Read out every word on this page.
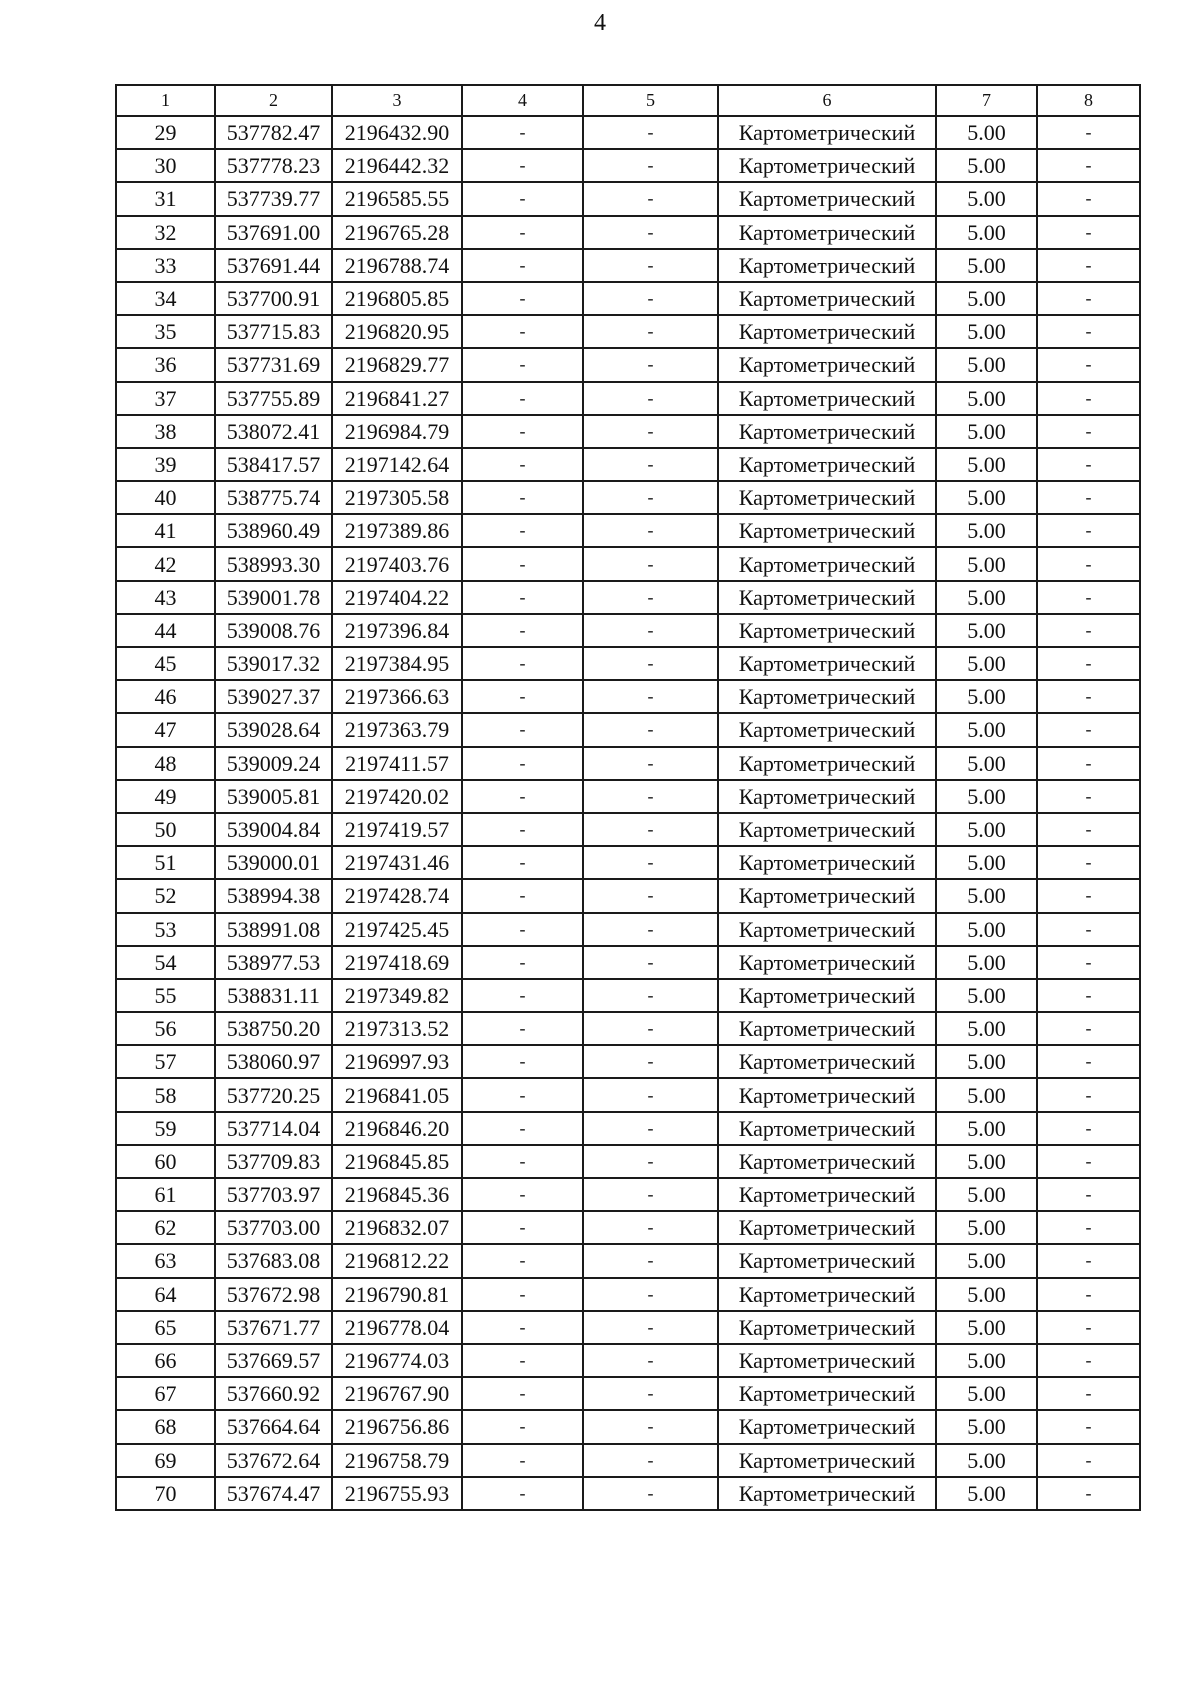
4
1	2	3	4	5	6	7	8
29	537782.47	2196432.90	-	-	Картометрический	5.00	-
30	537778.23	2196442.32	-	-	Картометрический	5.00	-
31	537739.77	2196585.55	-	-	Картометрический	5.00	-
32	537691.00	2196765.28	-	-	Картометрический	5.00	-
33	537691.44	2196788.74	-	-	Картометрический	5.00	-
34	537700.91	2196805.85	-	-	Картометрический	5.00	-
35	537715.83	2196820.95	-	-	Картометрический	5.00	-
36	537731.69	2196829.77	-	-	Картометрический	5.00	-
37	537755.89	2196841.27	-	-	Картометрический	5.00	-
38	538072.41	2196984.79	-	-	Картометрический	5.00	-
39	538417.57	2197142.64	-	-	Картометрический	5.00	-
40	538775.74	2197305.58	-	-	Картометрический	5.00	-
41	538960.49	2197389.86	-	-	Картометрический	5.00	-
42	538993.30	2197403.76	-	-	Картометрический	5.00	-
43	539001.78	2197404.22	-	-	Картометрический	5.00	-
44	539008.76	2197396.84	-	-	Картометрический	5.00	-
45	539017.32	2197384.95	-	-	Картометрический	5.00	-
46	539027.37	2197366.63	-	-	Картометрический	5.00	-
47	539028.64	2197363.79	-	-	Картометрический	5.00	-
48	539009.24	2197411.57	-	-	Картометрический	5.00	-
49	539005.81	2197420.02	-	-	Картометрический	5.00	-
50	539004.84	2197419.57	-	-	Картометрический	5.00	-
51	539000.01	2197431.46	-	-	Картометрический	5.00	-
52	538994.38	2197428.74	-	-	Картометрический	5.00	-
53	538991.08	2197425.45	-	-	Картометрический	5.00	-
54	538977.53	2197418.69	-	-	Картометрический	5.00	-
55	538831.11	2197349.82	-	-	Картометрический	5.00	-
56	538750.20	2197313.52	-	-	Картометрический	5.00	-
57	538060.97	2196997.93	-	-	Картометрический	5.00	-
58	537720.25	2196841.05	-	-	Картометрический	5.00	-
59	537714.04	2196846.20	-	-	Картометрический	5.00	-
60	537709.83	2196845.85	-	-	Картометрический	5.00	-
61	537703.97	2196845.36	-	-	Картометрический	5.00	-
62	537703.00	2196832.07	-	-	Картометрический	5.00	-
63	537683.08	2196812.22	-	-	Картометрический	5.00	-
64	537672.98	2196790.81	-	-	Картометрический	5.00	-
65	537671.77	2196778.04	-	-	Картометрический	5.00	-
66	537669.57	2196774.03	-	-	Картометрический	5.00	-
67	537660.92	2196767.90	-	-	Картометрический	5.00	-
68	537664.64	2196756.86	-	-	Картометрический	5.00	-
69	537672.64	2196758.79	-	-	Картометрический	5.00	-
70	537674.47	2196755.93	-	-	Картометрический	5.00	-
